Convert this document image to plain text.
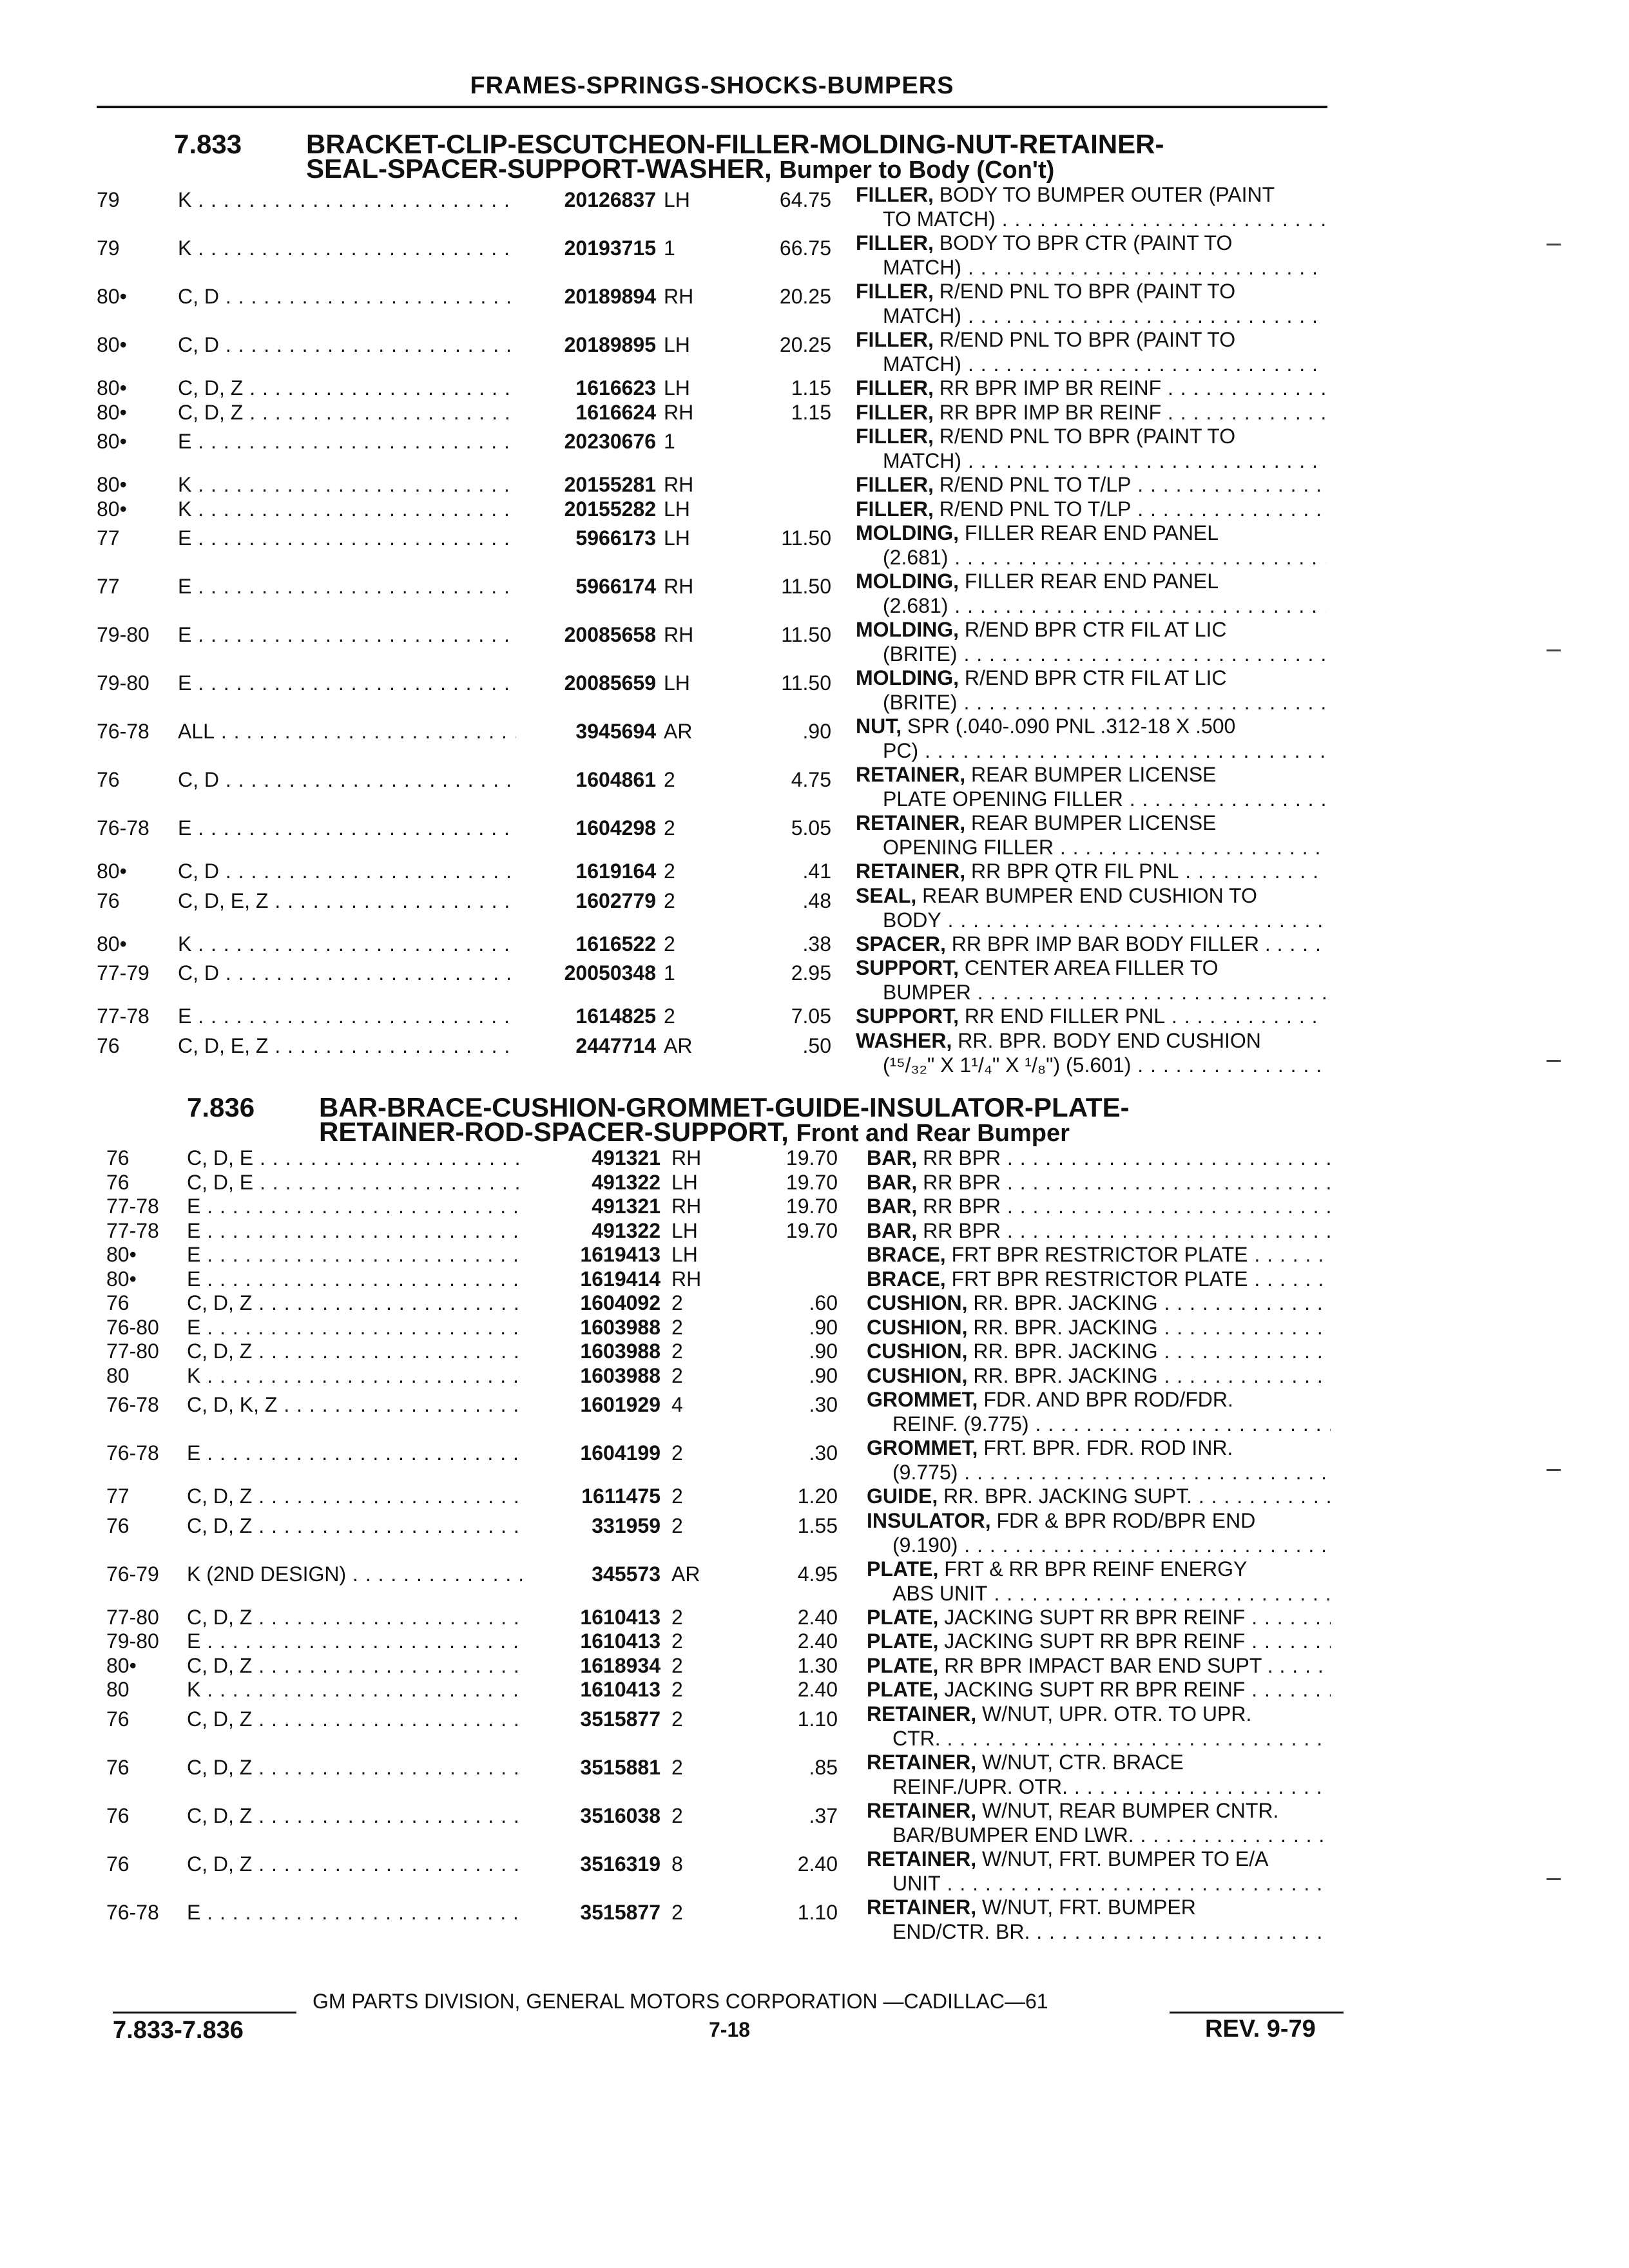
FRAMES-SPRINGS-SHOCKS-BUMPERS
7.833 BRACKET-CLIP-ESCUTCHEON-FILLER-MOLDING-NUT-RETAINER-
SEAL-SPACER-SUPPORT-WASHER, Bumper to Body (Con't)
79	K . . .	20126837 LH	64.75 FILLER, BODY TO BUMPER OUTER (PAINT
TO MATCH) . . .
79	K . . .	20193715 1	66.75 FILLER, BODY TO BPR CTR (PAINT TO
MATCH) . . .
80• C, D . . .	20189894 RH	20.25 FILLER, R/END PNL TO BPR (PAINT TO
MATCH) . . .
80• C, D . . .	20189895 LH	20.25 FILLER, R/END PNL TO BPR (PAINT TO
MATCH) . . .
80• C, D, Z . . .	1616623 LH	1.15 FILLER, RR BPR IMP BR REINF . . .
80• C, D, Z . . .	1616624 RH	1.15 FILLER, RR BPR IMP BR REINF . . .
80• E . . .	20230676 1	FILLER, R/END PNL TO BPR (PAINT TO
MATCH) . . .
80• K . . .	20155281 RH	FILLER, R/END PNL TO T/LP . . .
80• K . . .	20155282 LH	FILLER, R/END PNL TO T/LP . . .
77	E . . .	5966173 LH	11.50 MOLDING, FILLER REAR END PANEL
(2.681) . . .
77	E . . .	5966174 RH	11.50 MOLDING, FILLER REAR END PANEL
(2.681) . . .
79-80 E . . .	20085658 RH	11.50 MOLDING, R/END BPR CTR FIL AT LIC
(BRITE) . . .
79-80 E . . .	20085659 LH	11.50 MOLDING, R/END BPR CTR FIL AT LIC
(BRITE) . . .
76-78 ALL . . .	3945694 AR	.90 NUT, SPR (.040-.090 PNL .312-18 X .500
PC) . . .
76	C, D . . .	1604861 2	4.75 RETAINER, REAR BUMPER LICENSE
PLATE OPENING FILLER . . .
76-78 E . . .	1604298 2	5.05 RETAINER, REAR BUMPER LICENSE
OPENING FILLER . . .
80• C, D . . .	1619164 2	.41 RETAINER, RR BPR QTR FIL PNL . . .
76	C, D, E, Z . . .	1602779 2	.48 SEAL, REAR BUMPER END CUSHION TO
BODY . . .
80• K . . .	1616522 2	.38 SPACER, RR BPR IMP BAR BODY FILLER . . . .
77-79 C, D . . .	20050348 1	2.95 SUPPORT, CENTER AREA FILLER TO
BUMPER . . .
77-78 E . . .	1614825 2	7.05 SUPPORT, RR END FILLER PNL . . .
76	C, D, E, Z . . .	2447714 AR	.50 WASHER, RR. BPR. BODY END CUSHION
(¹⁵/₃₂" X 1¹/₄" X ¹/₈") (5.601) . . .
7.836 BAR-BRACE-CUSHION-GROMMET-GUIDE-INSULATOR-PLATE-
RETAINER-ROD-SPACER-SUPPORT, Front and Rear Bumper
76	C, D, E . . .	491321 RH	19.70 BAR, RR BPR . . .
76	C, D, E . . .	491322 LH	19.70 BAR, RR BPR . . .
77-78 E . . .	491321 RH	19.70 BAR, RR BPR . . .
77-78 E . . .	491322 LH	19.70 BAR, RR BPR . . .
80• E . . .	1619413 LH	BRACE, FRT BPR RESTRICTOR PLATE . . .
80• E . . .	1619414 RH	BRACE, FRT BPR RESTRICTOR PLATE . . .
76	C, D, Z . . .	1604092 2	.60 CUSHION, RR. BPR. JACKING . . .
76-80 E . . .	1603988 2	.90 CUSHION, RR. BPR. JACKING . . .
77-80 C, D, Z . . .	1603988 2	.90 CUSHION, RR. BPR. JACKING . . .
80	K . . .	1603988 2	.90 CUSHION, RR. BPR. JACKING . . .
76-78 C, D, K, Z . . .	1601929 4	.30 GROMMET, FDR. AND BPR ROD/FDR.
REINF. (9.775) . . .
76-78 E . . .	1604199 2	.30 GROMMET, FRT. BPR. FDR. ROD INR.
(9.775) . . .
77	C, D, Z . . .	1611475 2	1.20 GUIDE, RR. BPR. JACKING SUPT. . . .
76	C, D, Z . . .	331959 2	1.55 INSULATOR, FDR & BPR ROD/BPR END
(9.190) . . .
76-79 K (2ND DESIGN) . . .	345573 AR	4.95 PLATE, FRT & RR BPR REINF ENERGY
ABS UNIT . . .
77-80 C, D, Z . . .	1610413 2	2.40 PLATE, JACKING SUPT RR BPR REINF . . .
79-80 E . . .	1610413 2	2.40 PLATE, JACKING SUPT RR BPR REINF . . .
80• C, D, Z . . .	1618934 2	1.30 PLATE, RR BPR IMPACT BAR END SUPT . . . .
80	K . . .	1610413 2	2.40 PLATE, JACKING SUPT RR BPR REINF . . .
76	C, D, Z . . .	3515877 2	1.10 RETAINER, W/NUT, UPR. OTR. TO UPR.
CTR. . . .
76	C, D, Z . . .	3515881 2	.85 RETAINER, W/NUT, CTR. BRACE
REINF./UPR. OTR. . . .
76	C, D, Z . . .	3516038 2	.37 RETAINER, W/NUT, REAR BUMPER CNTR.
BAR/BUMPER END LWR. . . .
76	C, D, Z . . .	3516319 8	2.40 RETAINER, W/NUT, FRT. BUMPER TO E/A
UNIT . . .
76-78 E . . .	3515877 2	1.10 RETAINER, W/NUT, FRT. BUMPER
END/CTR. BR. . . .
GM PARTS DIVISION, GENERAL MOTORS CORPORATION —CADILLAC—61
7.833-7.836	7-18	REV. 9-79
